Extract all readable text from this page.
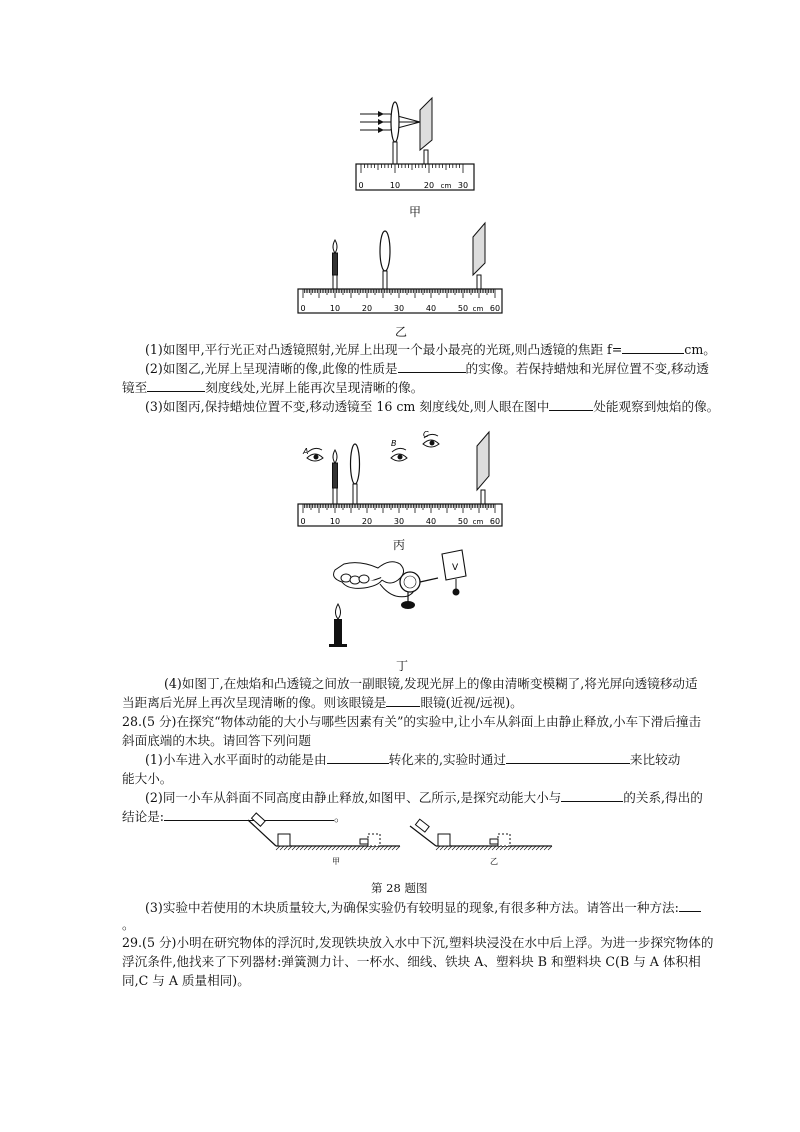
0	10	20 cm 30
甲
0	10	20	30	40	50 cm 60
乙
(1)如图甲,平行光正对凸透镜照射,光屏上出现一个最小最亮的光斑,则凸透镜的焦距 f=	cm。
(2)如图乙,光屏上呈现清晰的像,此像的性质是	的实像。若保持蜡烛和光屏位置不变,移动透
镜至	刻度线处,光屏上能再次呈现清晰的像。
(3)如图丙,保持蜡烛位置不变,移动透镜至 16 cm 刻度线处,则人眼在图中	处能观察到烛焰的像。
A
B
C
0	10	20	30	40	50 cm 60
丙
V
丁
(4)如图丁,在烛焰和凸透镜之间放一副眼镜,发现光屏上的像由清晰变模糊了,将光屏向透镜移动适
当距离后光屏上再次呈现清晰的像。则该眼镜是	眼镜(近视/远视)。
28.(5 分)在探究“物体动能的大小与哪些因素有关”的实验中,让小车从斜面上由静止释放,小车下滑后撞击
斜面底端的木块。请回答下列问题
(1)小车进入水平面时的动能是由	转化来的,实验时通过	来比较动
能大小。
(2)同一小车从斜面不同高度由静止释放,如图甲、乙所示,是探究动能大小与	的关系,得出的
结论是:	。
甲	乙
第 28 题图
(3)实验中若使用的木块质量较大,为确保实验仍有较明显的现象,有很多种方法。请答出一种方法:
。
29.(5 分)小明在研究物体的浮沉时,发现铁块放入水中下沉,塑料块浸没在水中后上浮。为进一步探究物体的
浮沉条件,他找来了下列器材:弹簧测力计、一杯水、细线、铁块 A、塑料块 B 和塑料块 C(B 与 A 体积相
同,C 与 A 质量相同)。
